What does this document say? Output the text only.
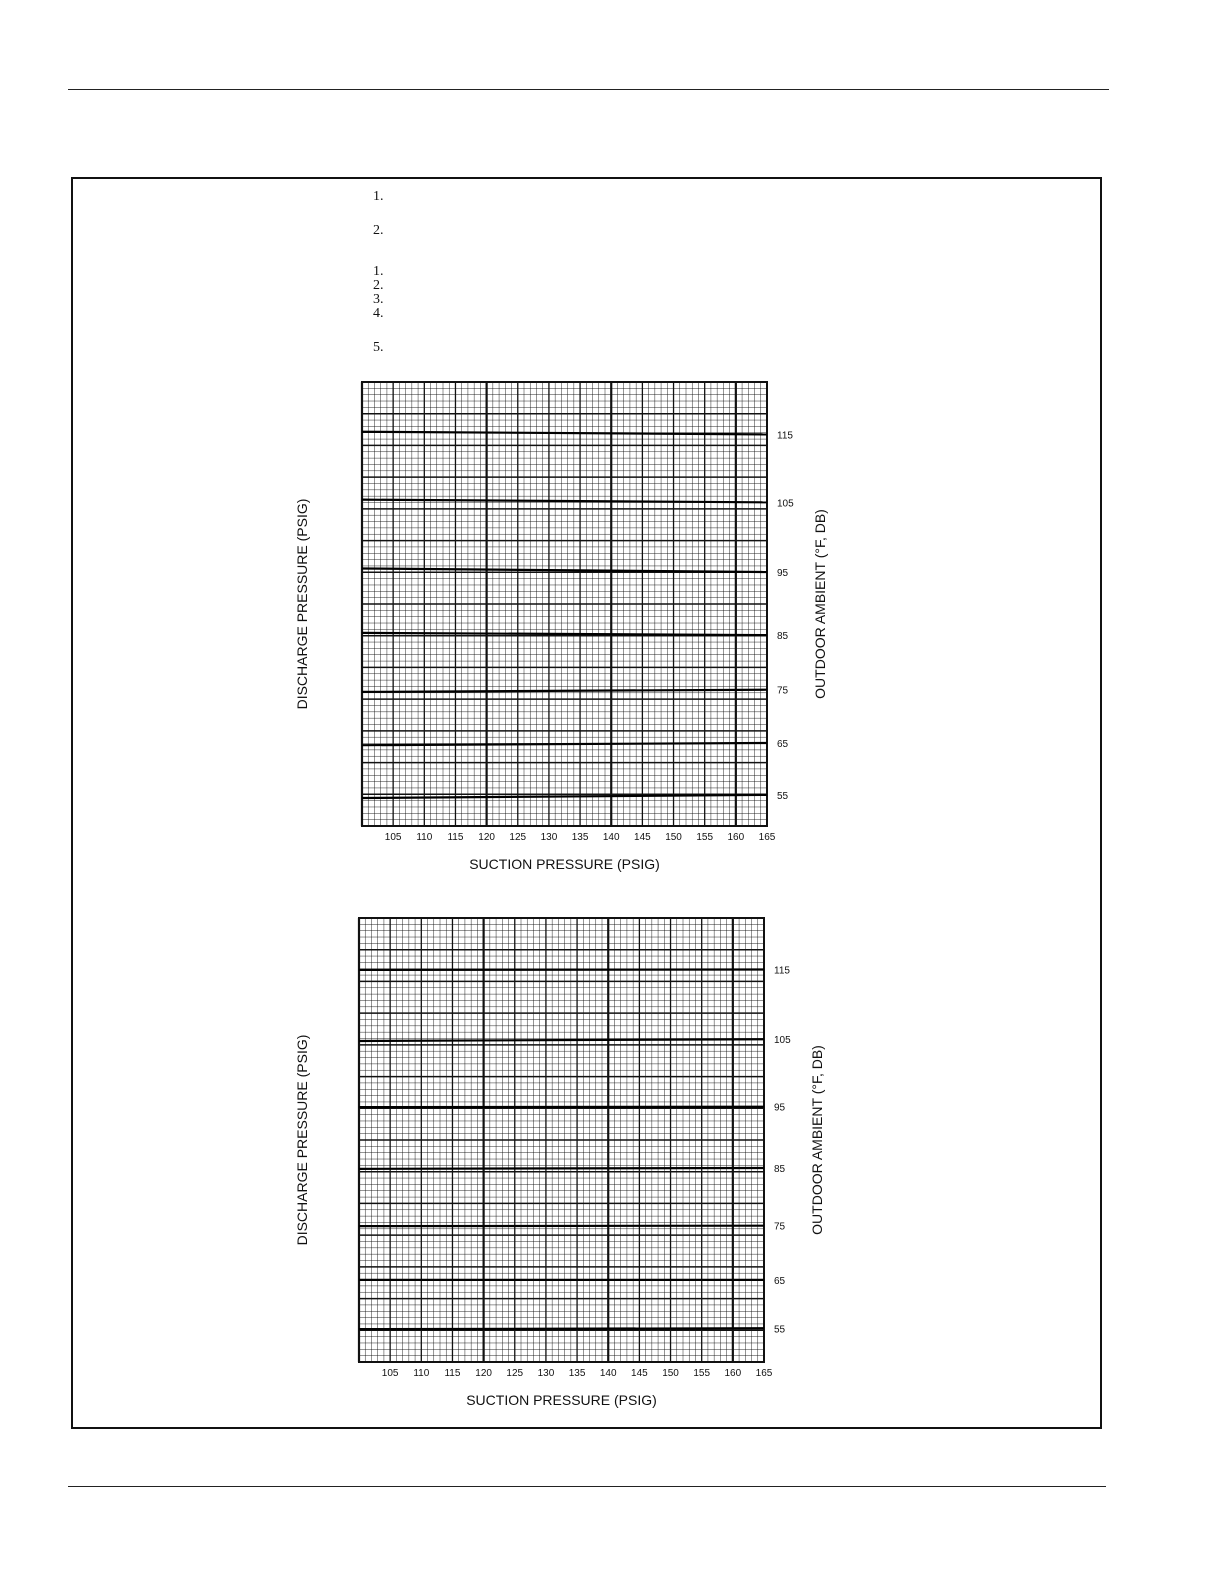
1.
2.
1.
2.
3.
4.
5.
115
105
95
85
75
65
55
105 110 115 120 125 130 135 140 145 150 155 160 165
SUCTION PRESSURE (PSIG)
DISCHARGE PRESSURE (PSIG)	OUTDOOR AMBIENT (°F, DB)
115
105
95
85
75
65
55
105 110 115 120 125 130 135 140 145 150 155 160 165
SUCTION PRESSURE (PSIG)
DISCHARGE PRESSURE (PSIG)	OUTDOOR AMBIENT (°F, DB)
